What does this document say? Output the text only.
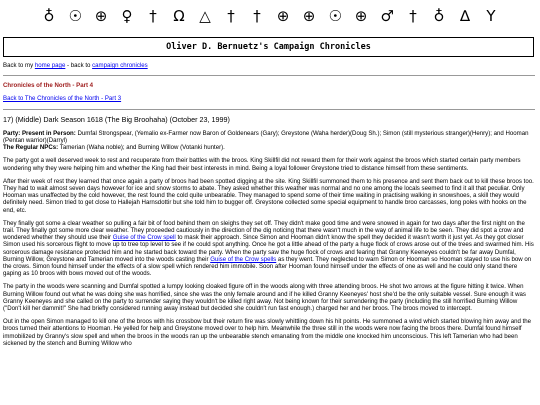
♁ ☉ ⊕ ♀ † Ω △ † † ⊕ ⊕ ☉ ⊕ ♂ † ♁ ∆ Υ
Oliver D. Bernuetz's Campaign Chronicles

Back to my home page - back to campaign chronicles

Chronicles of the North - Part 4

Back to The Chronicles of the North - Part 3

17) (Middle) Dark Season 1618 (The Big Broohaha) (October 23, 1999)

Party: Present in Person: Dumfal Strongspear, (Yemalio ex-Farmer now Baron of Goldenears (Gary); Greystone (Waha herder)(Doug Sh.); Simon (still mysterious stranger)(Henry); and Hooman (Pentan warrior)(Darryl)

The Regular NPCs: Tamerian (Waha noble); and Burning Willow (Votanki hunter).

The party got a well deserved week to rest and recuperate from their battles with the broos. King Skillfil did not reward them for their work against the broos which started certain party members wondering why they were helping him and whether the King had their best interests in mind. Being a loyal follower Greystone tried to distance himself from these sentiments.

After their week of rest they learned that once again a party of broos had been spotted digging at the site. King Skillfil summoned them to his presence and sent them back out to kill these broos too. They had to wait almost seven days however for ice and snow storms to abate. They asked whether this weather was normal and no one among the locals seemed to find it all that peculiar. Only Hooman was unaffected by the cold however, the rest found the cold quite unbearable. They managed to spend some of their time waiting in practising walking in snowshoes, a skill they would definitely need. Simon tried to get close to Hallejah Harnsdottir but she told him to bugger off. Greystone collected some special equipment to handle broo carcasses, long poles with hooks on the end, etc.

They finally got some a clear weather so pulling a fair bit of food behind them on sleighs they set off. They didn't make good time and were snowed in again for two days after the first night on the trail. They finally got some more clear weather. They proceeded cautiously in the direction of the dig noticing that there wasn't much in the way of animal life to be seen. They did spot a crow and wondered whether they should use their Guise of the Crow spell to mask their approach. Since Simon and Hooman didn't know the spell they decided it wasn't worth it just yet. As they got closer Simon used his sorcerous flight to move up to tree top level to see if he could spot anything. Once he got a little ahead of the party a huge flock of crows arose out of the trees and swarmed him. His sorcerous damage resistance protected him and he started back toward the party. When the party saw the huge flock of crows and fearing that Granny Keeneyes couldn't be far away Dumfal, Burning Willow, Greystone and Tamerian moved into the woods casting their Guise of the Crow spells as they went. They neglected to warn Simon or Hooman so Hooman stayed to use his bow on the crows. Simon found himself under the effects of a slow spell which rendered him immobile. Soon after Hooman found himself under the effects of one as well and he could only stand there gaping as 10 broos with bows moved out of the woods.

The party in the woods were scanning and Dumfal spotted a lumpy looking cloaked figure off in the woods along with three attending broos. He shot two arrows at the figure hitting it twice. When Burning Willow found out what he was doing she was horrified, since she was the only female around and if he killed Granny Keeneyes' host she'd be the only suitable vessel. Sure enough it was Granny Keeneyes and she called on the party to surrender saying they wouldn't be killed right away. Not being known for their surrendering the party (including the still horrified Burning Willow ("Don't kill her dammit!" She had briefly considered running away instead but decided she couldn't run fast enough.) charged her and her broos. The broos moved to intercept.

Out in the open Simon managed to kill one of the broos with his crossbow but their return fire was slowly whittling down his hit points. He summoned a wind which started blowing him away and the broos turned their attentions to Hooman. He yelled for help and Greystone moved over to help him. Meanwhile the three still in the woods were now facing the broos there. Dumfal found himself immobilized by Granny's slow spell and when the broos in the woods ran up the unbearable stench emanating from the middle one knocked him unconscious. This left Tamerian who had been sickened by the stench and Burning Willow who
